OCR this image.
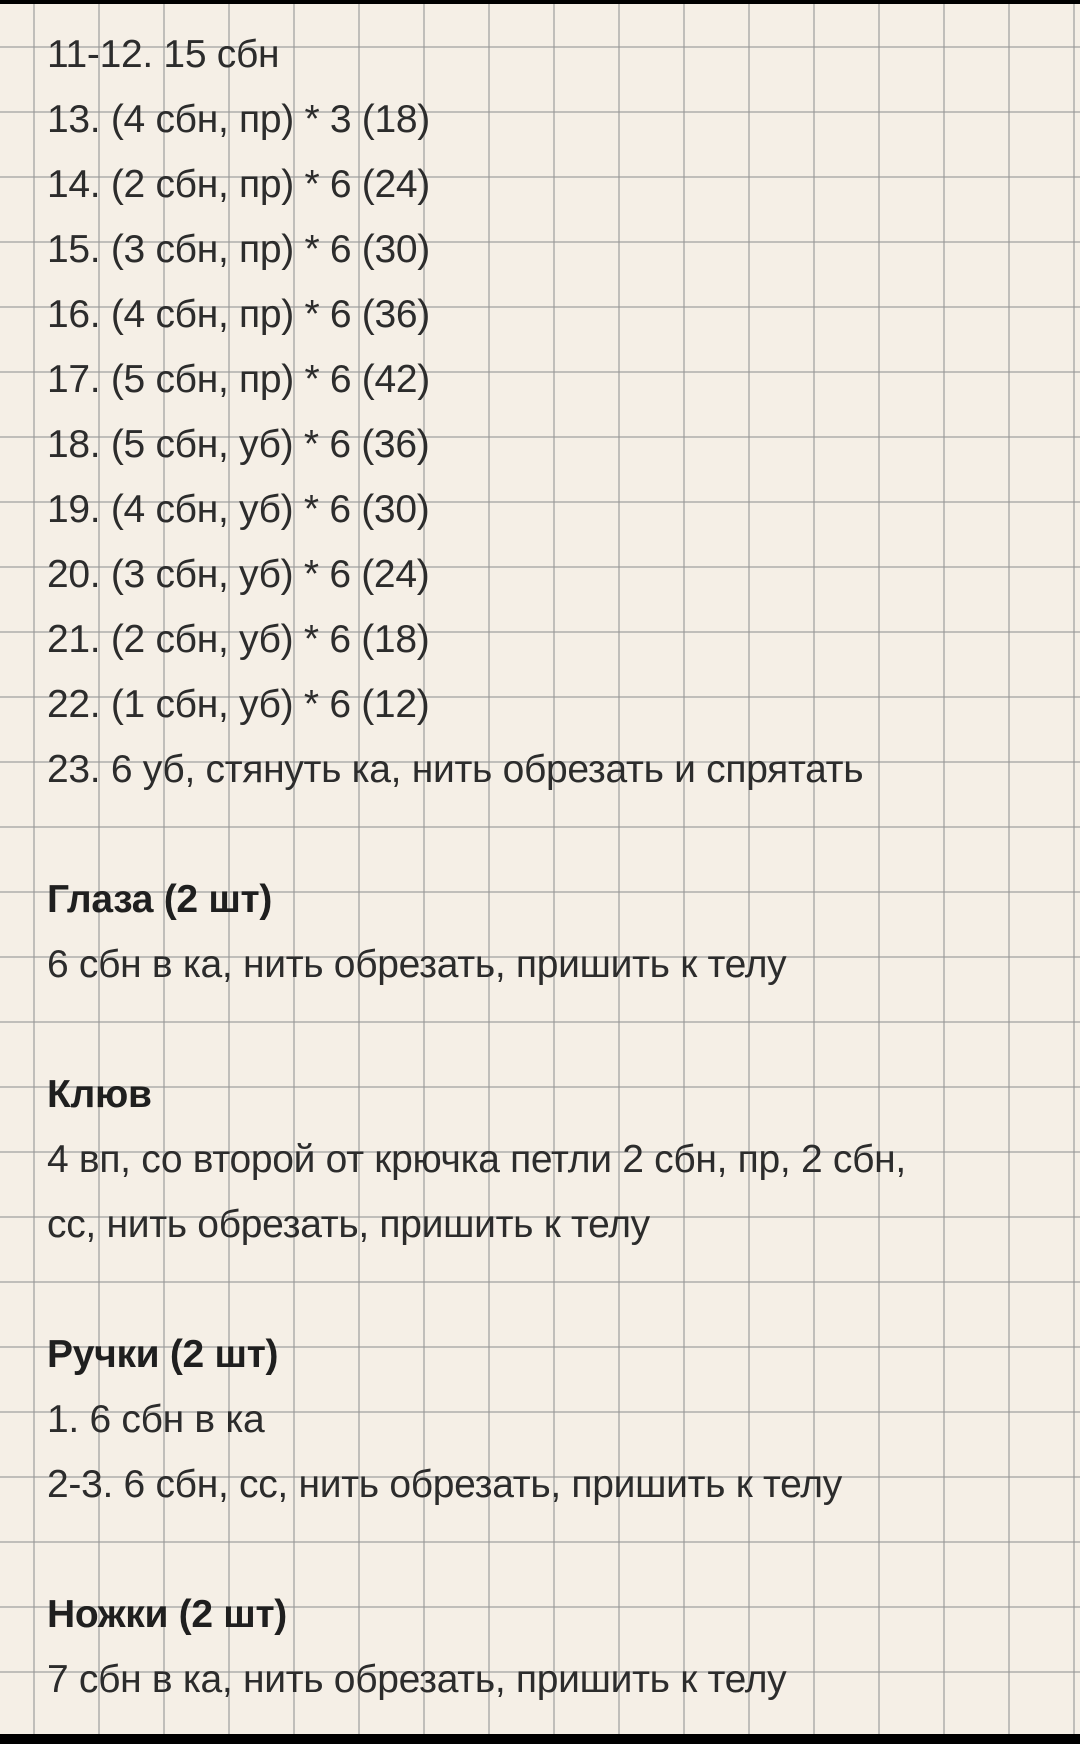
11-12. 15 сбн
13. (4 сбн, пр) * 3 (18)
14. (2 сбн, пр) * 6 (24)
15. (3 сбн, пр) * 6 (30)
16. (4 сбн, пр) * 6 (36)
17. (5 сбн, пр) * 6 (42)
18. (5 сбн, уб) * 6 (36)
19. (4 сбн, уб) * 6 (30)
20. (3 сбн, уб) * 6 (24)
21. (2 сбн, уб) * 6 (18)
22. (1 сбн, уб) * 6 (12)
23. 6 уб, стянуть ка, нить обрезать и спрятать
Глаза (2 шт)
6 сбн в ка, нить обрезать, пришить к телу
Клюв
4 вп, со второй от крючка петли 2 сбн, пр, 2 сбн,
сс, нить обрезать, пришить к телу
Ручки (2 шт)
1. 6 сбн в ка
2-3. 6 сбн, сс, нить обрезать, пришить к телу
Ножки (2 шт)
7 сбн в ка, нить обрезать, пришить к телу
